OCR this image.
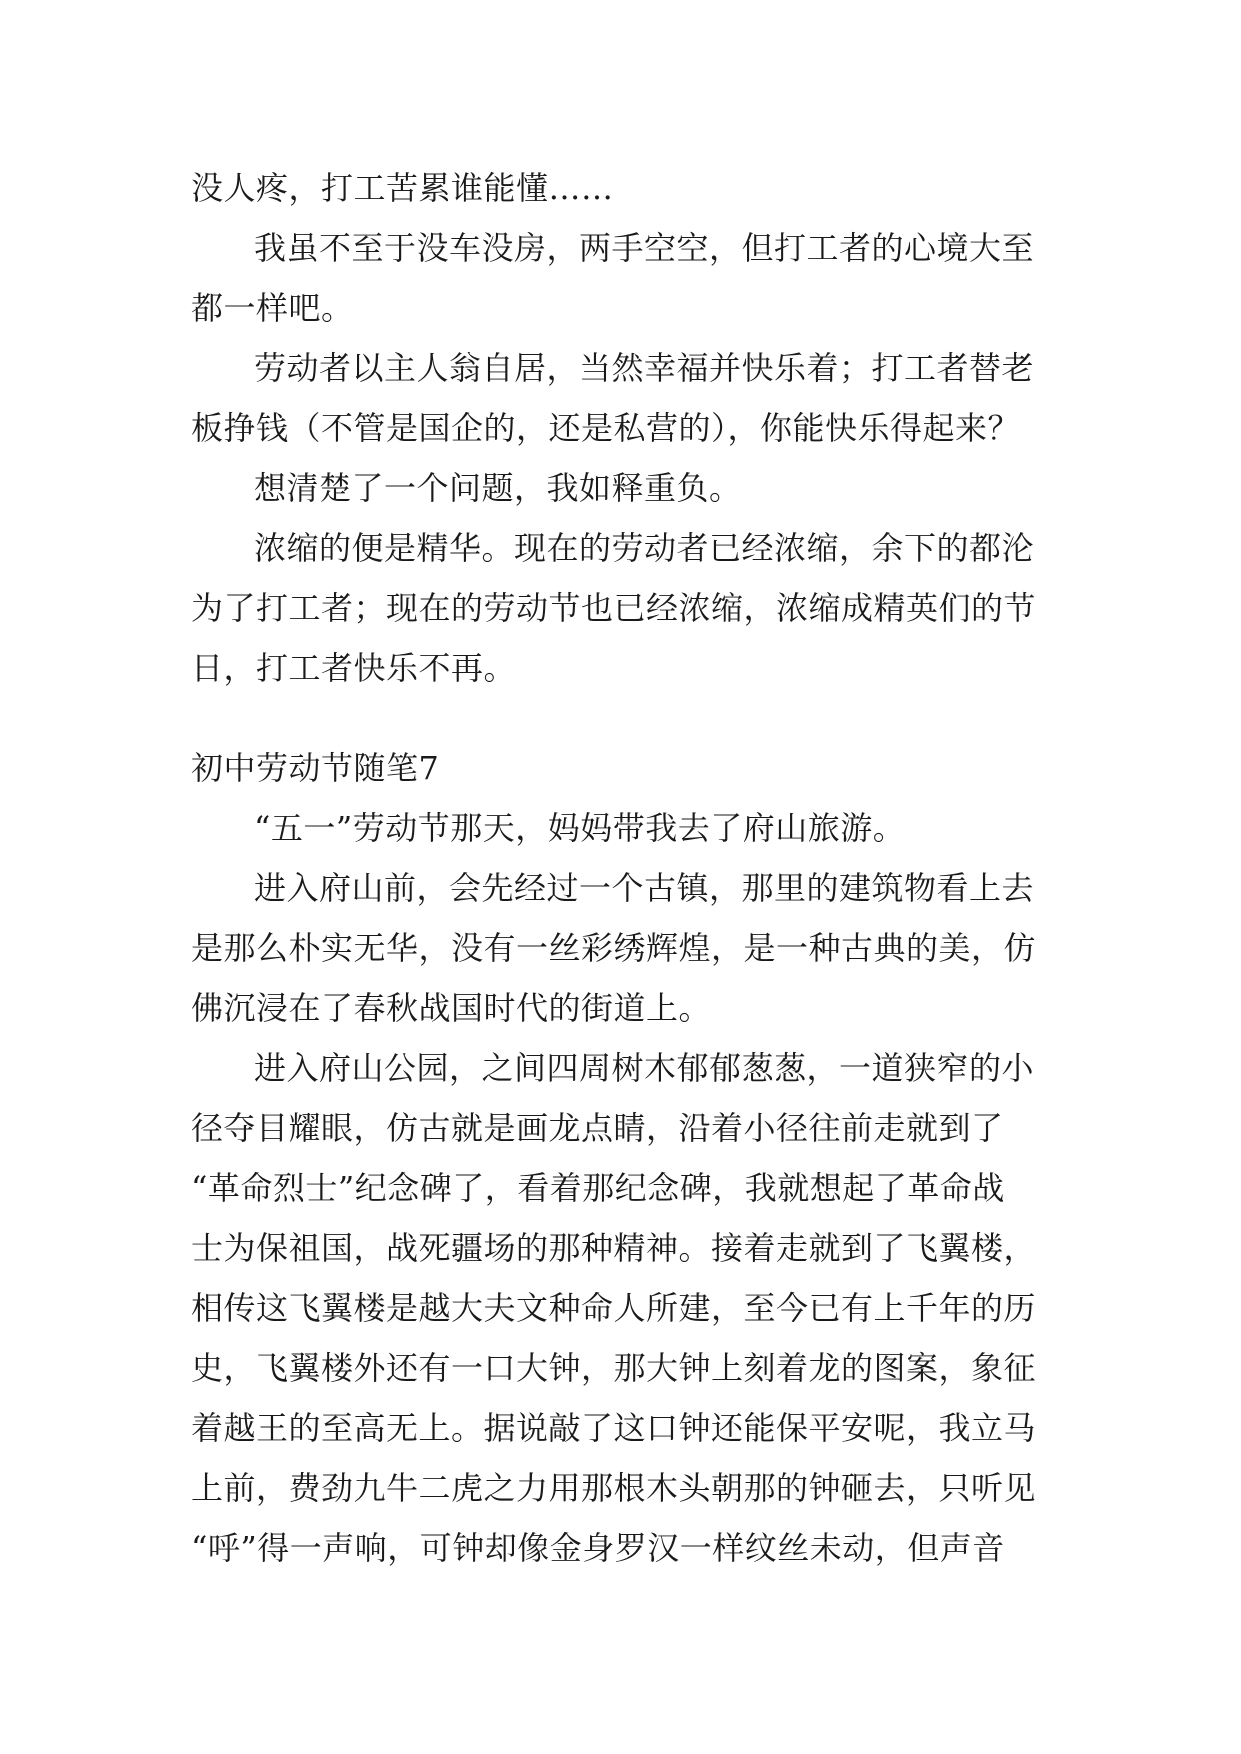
没人疼，打工苦累谁能懂……
我虽不至于没车没房，两手空空，但打工者的心境大至
都一样吧。
劳动者以主人翁自居，当然幸福并快乐着；打工者替老
板挣钱（不管是国企的，还是私营的），你能快乐得起来？
想清楚了一个问题，我如释重负。
浓缩的便是精华。现在的劳动者已经浓缩，余下的都沦
为了打工者；现在的劳动节也已经浓缩，浓缩成精英们的节
日，打工者快乐不再。
初中劳动节随笔7
“五一”劳动节那天，妈妈带我去了府山旅游。
进入府山前，会先经过一个古镇，那里的建筑物看上去
是那么朴实无华，没有一丝彩绣辉煌，是一种古典的美，仿
佛沉浸在了春秋战国时代的街道上。
进入府山公园，之间四周树木郁郁葱葱，一道狭窄的小
径夺目耀眼，仿古就是画龙点睛，沿着小径往前走就到了
“革命烈士”纪念碑了，看着那纪念碑，我就想起了革命战
士为保祖国，战死疆场的那种精神。接着走就到了飞翼楼，
相传这飞翼楼是越大夫文种命人所建，至今已有上千年的历
史，飞翼楼外还有一口大钟，那大钟上刻着龙的图案，象征
着越王的至高无上。据说敲了这口钟还能保平安呢，我立马
上前，费劲九牛二虎之力用那根木头朝那的钟砸去，只听见
“呼”得一声响，可钟却像金身罗汉一样纹丝未动，但声音
